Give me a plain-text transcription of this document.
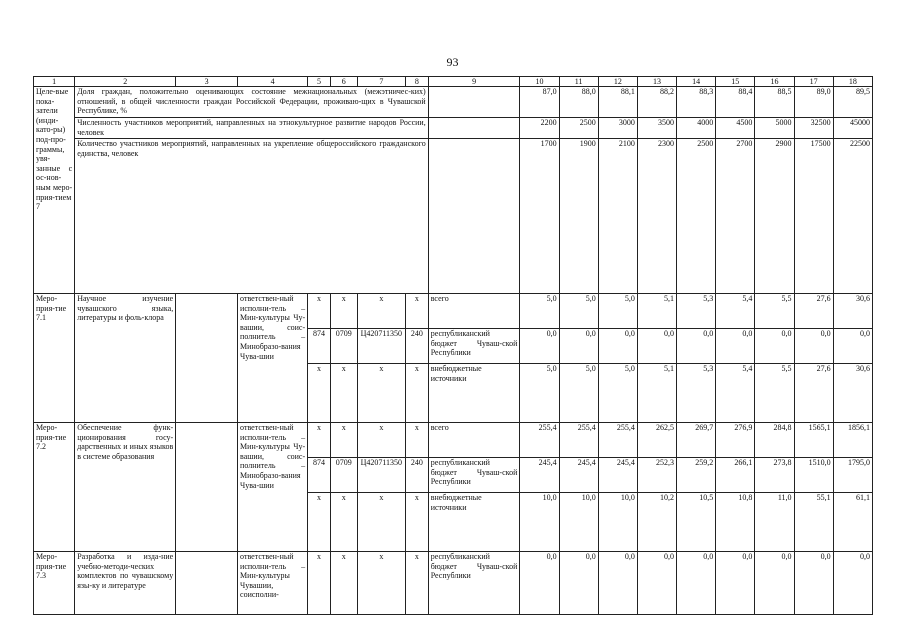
93
1	2	3	4	5	6	7	8	9	10	11	12	13	14	15	16	17	18
Целе-вые пока-затели (инди-като-ры) под-про-граммы, увя-занные с ос-нов-ным меро-прия-тием 7	Доля граждан, положительно оценивающих состояние межнациональных (межэтничес-ких) отношений, в общей численности граждан Российской Федерации, проживаю-щих в Чувашской Республике, %								87,0	88,0	88,1	88,2	88,3	88,4	88,5	89,0	89,5
	Численность участников мероприятий, направленных на этнокультурное развитие народов России, человек								2200	2500	3000	3500	4000	4500	5000	32500	45000
	Количество участников мероприятий, направленных на укрепление общероссийского гражданского единства, человек								1700	1900	2100	2300	2500	2700	2900	17500	22500
Меро-прия-тие 7.1	Научное изучение чувашского языка, литературы и фоль-клора		ответствен-ный исполни-тель – Мин-культуры Чу-вашии, соис-полнитель – Минобразо-вания Чува-шии	x	x	x	x	всего	5,0	5,0	5,0	5,1	5,3	5,4	5,5	27,6	30,6
				874	0709	Ц420711350	240	республиканский бюджет Чуваш-ской Республики	0,0	0,0	0,0	0,0	0,0	0,0	0,0	0,0	0,0
				x	x	x	x	внебюджетные источники	5,0	5,0	5,0	5,1	5,3	5,4	5,5	27,6	30,6
Меро-прия-тие 7.2	Обеспечение функ-ционирования госу-дарственных и иных языков в системе образования		ответствен-ный исполни-тель – Мин-культуры Чу-вашии, соис-полнитель – Минобразо-вания Чува-шии	x	x	x	x	всего	255,4	255,4	255,4	262,5	269,7	276,9	284,8	1565,1	1856,1
				874	0709	Ц420711350	240	республиканский бюджет Чуваш-ской Республики	245,4	245,4	245,4	252,3	259,2	266,1	273,8	1510,0	1795,0
				x	x	x	x	внебюджетные источники	10,0	10,0	10,0	10,2	10,5	10,8	11,0	55,1	61,1
Меро-прия-тие 7.3	Разработка и изда-ние учебно-методи-ческих комплектов по чувашскому язы-ку и литературе		ответствен-ный исполни-тель – Мин-культуры Чувашии, соисполни-	x	x	x	x	республиканский бюджет Чуваш-ской Республики	0,0	0,0	0,0	0,0	0,0	0,0	0,0	0,0	0,0
